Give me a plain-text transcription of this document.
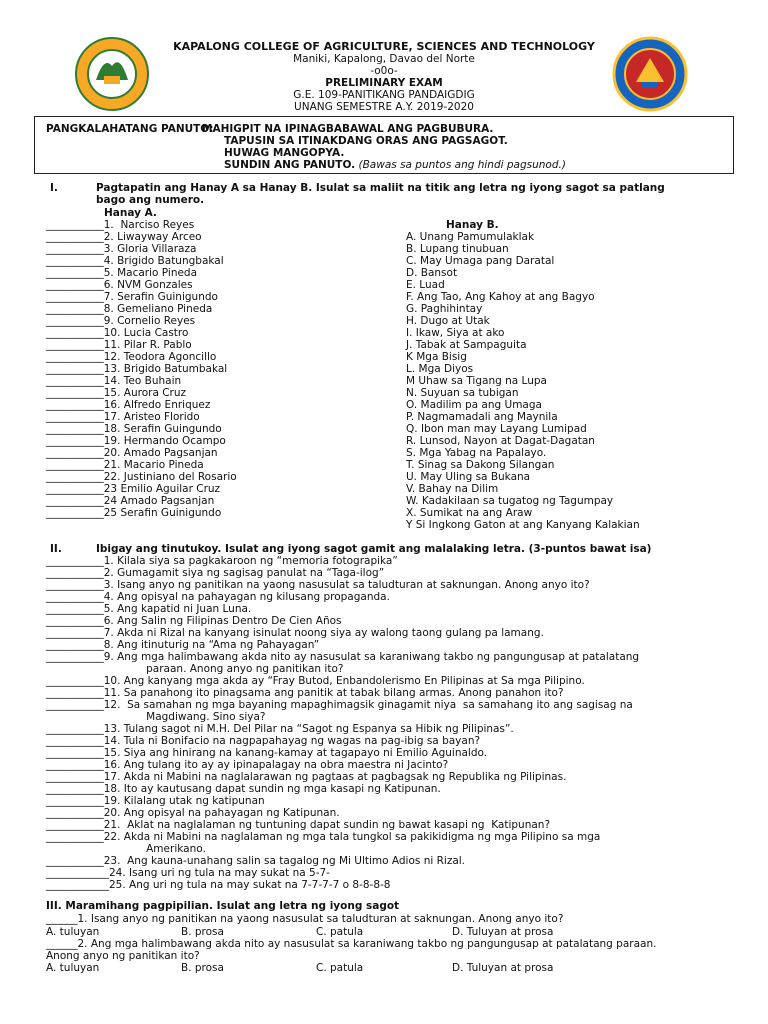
KAPALONG COLLEGE OF AGRICULTURE, SCIENCES AND TECHNOLOGY
Maniki, Kapalong, Davao del Norte
-o0o-
PRELIMINARY EXAM
G.E. 109-PANITIKANG PANDAIGDIG
UNANG SEMESTRE A.Y. 2019-2020
PANGKALAHATANG PANUTO:
MAHIGPIT NA IPINAGBABAWAL ANG PAGBUBURA.
TAPUSIN SA ITINAKDANG ORAS ANG PAGSAGOT.
HUWAG MANGOPYA.
SUNDIN ANG PANUTO. (Bawas sa puntos ang hindi pagsunod.)
I.	Pagtapatin ang Hanay A sa Hanay B. Isulat sa maliit na titik ang letra ng iyong sagot sa patlang
bago ang numero.
Hanay A.
Hanay B.
___________1.  Narciso Reyes
___________2. Liwayway Arceo
___________3. Gloria Villaraza
___________4. Brigido Batungbakal
___________5. Macario Pineda
___________6. NVM Gonzales
___________7. Serafin Guinigundo
___________8. Gemeliano Pineda
___________9. Cornelio Reyes
___________10. Lucia Castro
___________11. Pilar R. Pablo
___________12. Teodora Agoncillo
___________13. Brigido Batumbakal
___________14. Teo Buhain
___________15. Aurora Cruz
___________16. Alfredo Enriquez
___________17. Aristeo Florido
___________18. Serafin Guingundo
___________19. Hermando Ocampo
___________20. Amado Pagsanjan
___________21. Macario Pineda
___________22. Justiniano del Rosario
___________23 Emilio Aguilar Cruz
___________24 Amado Pagsanjan
___________25 Serafin Guinigundo
A. Unang Pamumulaklak
B. Lupang tinubuan
C. May Umaga pang Daratal
D. Bansot
E. Luad
F. Ang Tao, Ang Kahoy at ang Bagyo
G. Paghihintay
H. Dugo at Utak
I. Ikaw, Siya at ako
J. Tabak at Sampaguita
K Mga Bisig
L. Mga Diyos
M Uhaw sa Tigang na Lupa
N. Suyuan sa tubigan
O. Madilim pa ang Umaga
P. Nagmamadali ang Maynila
Q. Ibon man may Layang Lumipad
R. Lunsod, Nayon at Dagat-Dagatan
S. Mga Yabag na Papalayo.
T. Sinag sa Dakong Silangan
U. May Uling sa Bukana
V. Bahay na Dilim
W. Kadakilaan sa tugatog ng Tagumpay
X. Sumikat na ang Araw
Y Si Ingkong Gaton at ang Kanyang Kalakian
II.	Ibigay ang tinutukoy. Isulat ang iyong sagot gamit ang malalaking letra. (3-puntos bawat isa)
___________1. Kilala siya sa pagkakaroon ng “memoria fotograpika”
___________2. Gumagamit siya ng sagisag panulat na “Taga-ilog”
___________3. Isang anyo ng panitikan na yaong nasusulat sa taludturan at saknungan. Anong anyo ito?
___________4. Ang opisyal na pahayagan ng kilusang propaganda.
___________5. Ang kapatid ni Juan Luna.
___________6. Ang Salin ng Filipinas Dentro De Cien Años
___________7. Akda ni Rizal na kanyang isinulat noong siya ay walong taong gulang pa lamang.
___________8. Ang itinuturig na “Ama ng Pahayagan”
___________9. Ang mga halimbawang akda nito ay nasusulat sa karaniwang takbo ng pangungusap at patalatang
paraan. Anong anyo ng panitikan ito?
___________10. Ang kanyang mga akda ay “Fray Butod, Enbandolerismo En Pilipinas at Sa mga Pilipino.
___________11. Sa panahong ito pinagsama ang panitik at tabak bilang armas. Anong panahon ito?
___________12.  Sa samahan ng mga bayaning mapaghimagsik ginagamit niya  sa samahang ito ang sagisag na
Magdiwang. Sino siya?
___________13. Tulang sagot ni M.H. Del Pilar na “Sagot ng Espanya sa Hibik ng Pilipinas”.
___________14. Tula ni Bonifacio na nagpapahayag ng wagas na pag-ibig sa bayan?
___________15. Siya ang hinirang na kanang-kamay at tagapayo ni Emilio Aguinaldo.
___________16. Ang tulang ito ay ay ipinapalagay na obra maestra ni Jacinto?
___________17. Akda ni Mabini na naglalarawan ng pagtaas at pagbagsak ng Republika ng Pilipinas.
___________18. Ito ay kautusang dapat sundin ng mga kasapi ng Katipunan.
___________19. Kilalang utak ng katipunan
___________20. Ang opisyal na pahayagan ng Katipunan.
___________21.  Aklat na naglalaman ng tuntuning dapat sundin ng bawat kasapi ng  Katipunan?
___________22. Akda ni Mabini na naglalaman ng mga tala tungkol sa pakikidigma ng mga Pilipino sa mga
Amerikano.
___________23.  Ang kauna-unahang salin sa tagalog ng Mi Ultimo Adios ni Rizal.
____________24. Isang uri ng tula na may sukat na 5-7-
____________25. Ang uri ng tula na may sukat na 7-7-7-7 o 8-8-8-8
III. Maramihang pagpipilian. Isulat ang letra ng iyong sagot
______1. Isang anyo ng panitikan na yaong nasusulat sa taludturan at saknungan. Anong anyo ito?
A. tuluyan	B. prosa	C. patula	D. Tuluyan at prosa
______2. Ang mga halimbawang akda nito ay nasusulat sa karaniwang takbo ng pangungusap at patalatang paraan.
Anong anyo ng panitikan ito?
A. tuluyan	B. prosa	C. patula	D. Tuluyan at prosa
